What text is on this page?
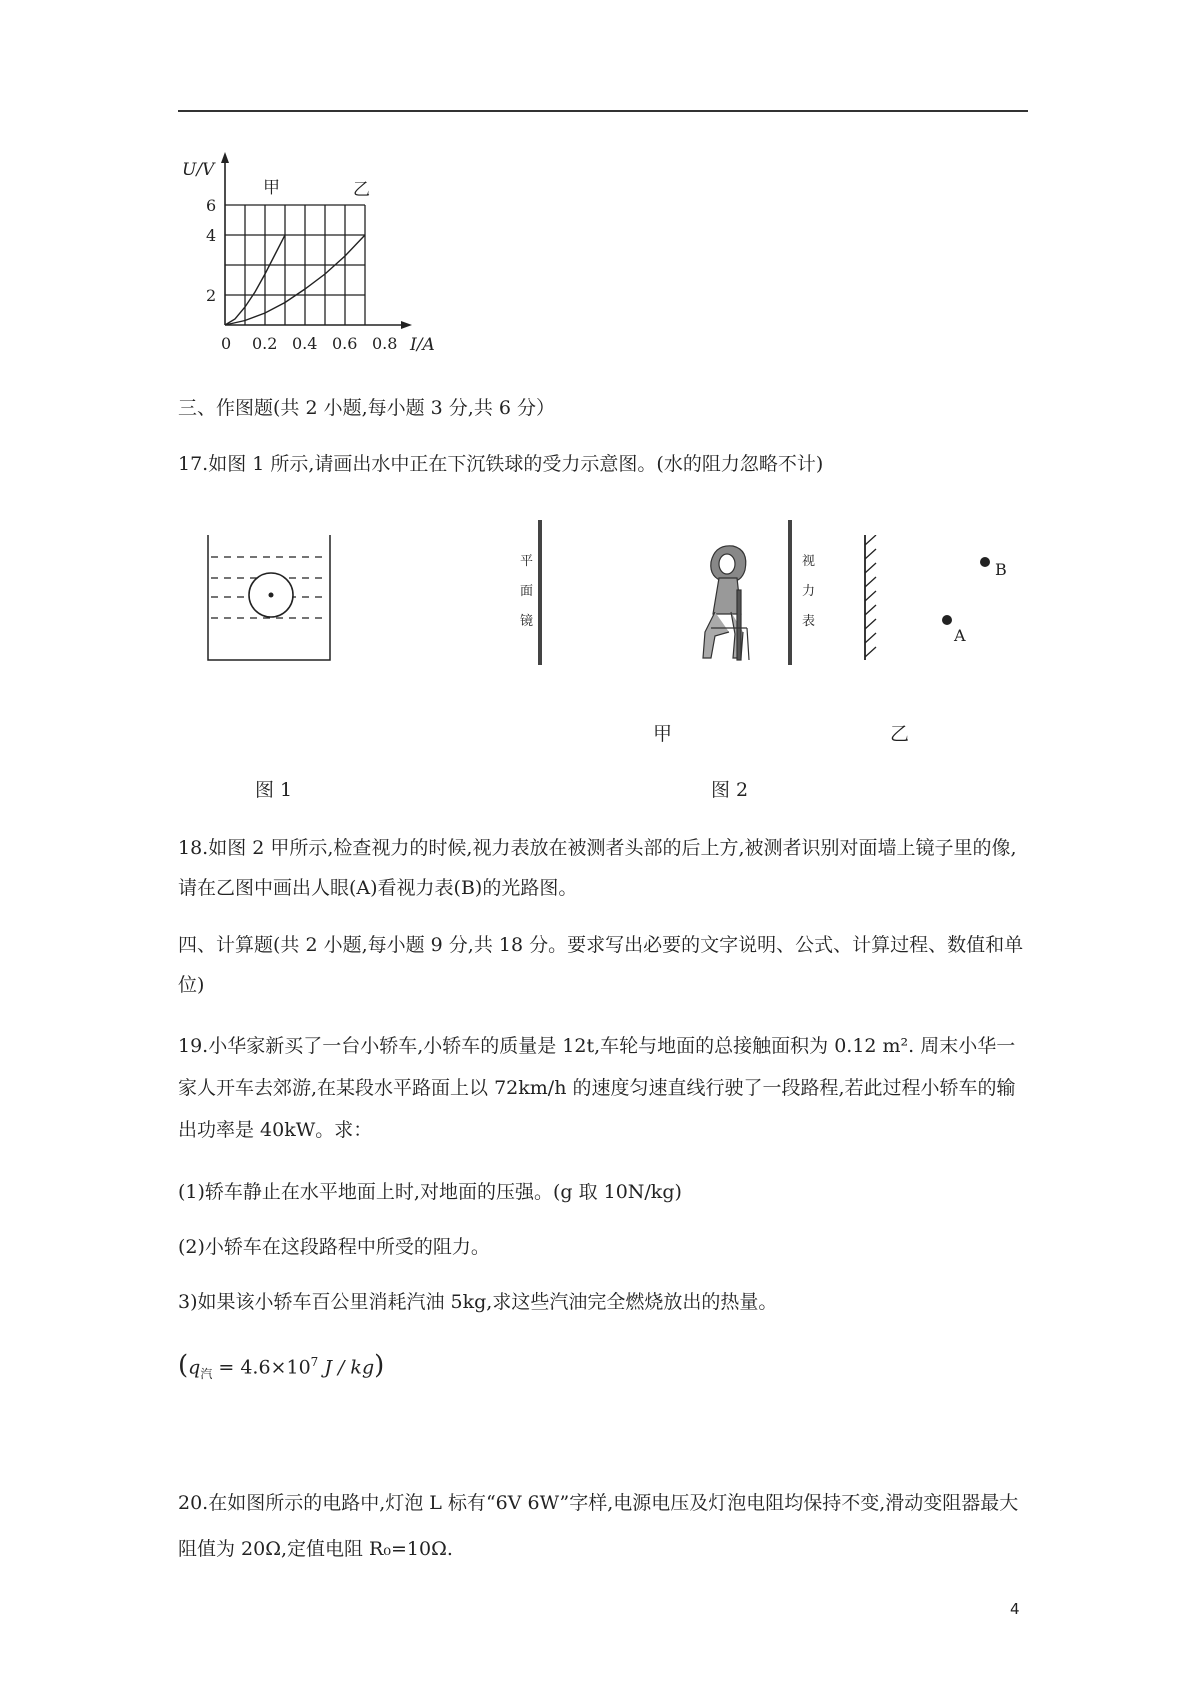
U/V
I/A
甲	乙
0 0.2 0.4 0.6 0.8
2
4
6
三、作图题(共 2 小题,每小题 3 分,共 6 分）
17.如图 1 所示,请画出水中正在下沉铁球的受力示意图。(水的阻力忽略不计)
平
面
镜
视
力
表
B
A
甲	乙
图 1	图 2
18.如图 2 甲所示,检查视力的时候,视力表放在被测者头部的后上方,被测者识别对面墙上镜子里的像,请在乙图中画出人眼(A)看视力表(B)的光路图。
四、计算题(共 2 小题,每小题 9 分,共 18 分。要求写出必要的文字说明、公式、计算过程、数值和单位)
19.小华家新买了一台小轿车,小轿车的质量是 12t,车轮与地面的总接触面积为 0.12 m². 周末小华一家人开车去郊游,在某段水平路面上以 72km/h 的速度匀速直线行驶了一段路程,若此过程小轿车的输出功率是 40kW。求：
(1)轿车静止在水平地面上时,对地面的压强。(g 取 10N/kg)
(2)小轿车在这段路程中所受的阻力。
3)如果该小轿车百公里消耗汽油 5kg,求这些汽油完全燃烧放出的热量。
($q_汽 = 4.6\times 10^7$ J / kg)
20.在如图所示的电路中,灯泡 L 标有“6V 6W”字样,电源电压及灯泡电阻均保持不变,滑动变阻器最大阻值为 20Ω,定值电阻 R₀=10Ω.
4
